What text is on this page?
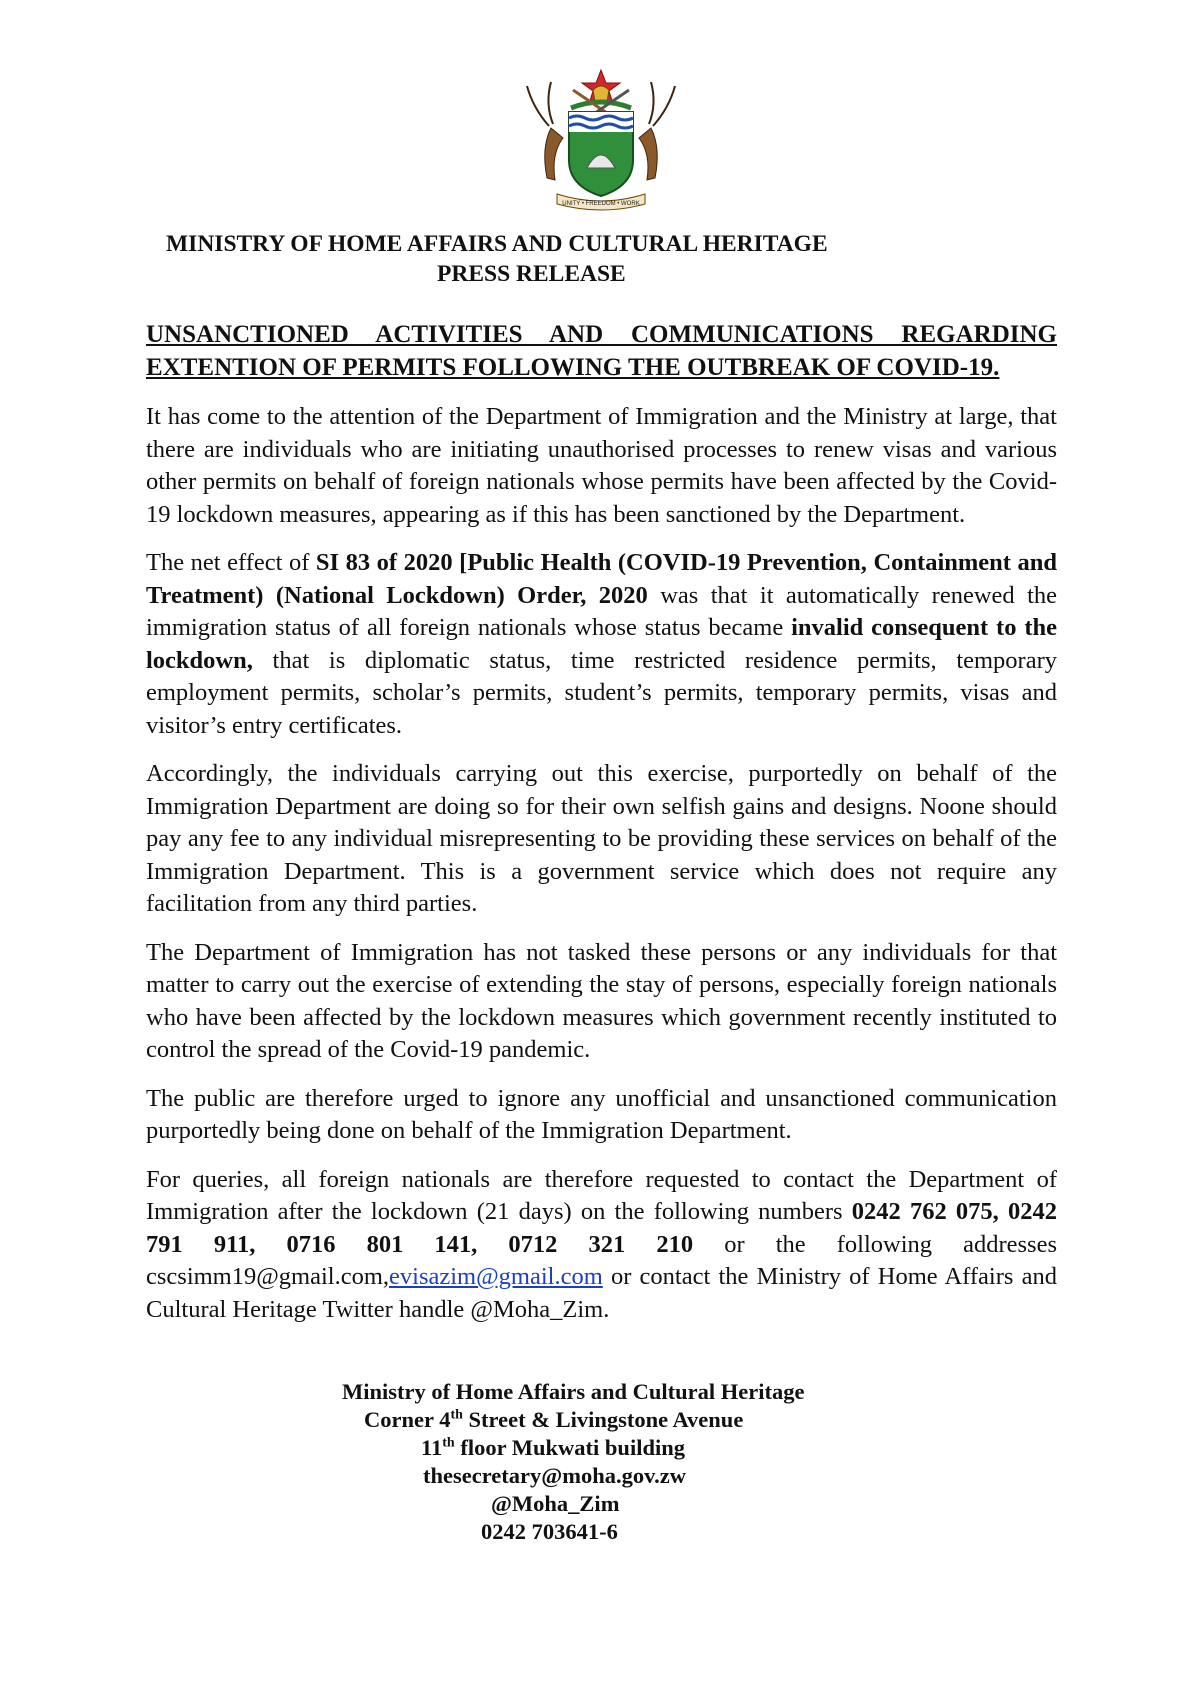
UNITY • FREEDOM • WORK
MINISTRY OF HOME AFFAIRS AND CULTURAL HERITAGE
PRESS RELEASE
UNSANCTIONED ACTIVITIES AND COMMUNICATIONS REGARDING EXTENTION OF PERMITS FOLLOWING THE OUTBREAK OF COVID-19.

It has come to the attention of the Department of Immigration and the Ministry at large, that there are individuals who are initiating unauthorised processes to renew visas and various other permits on behalf of foreign nationals whose permits have been affected by the Covid-19 lockdown measures, appearing as if this has been sanctioned by the Department.

The net effect of SI 83 of 2020 [Public Health (COVID-19 Prevention, Containment and Treatment) (National Lockdown) Order, 2020 was that it automatically renewed the immigration status of all foreign nationals whose status became invalid consequent to the lockdown, that is diplomatic status, time restricted residence permits, temporary employment permits, scholar’s permits, student’s permits, temporary permits, visas and visitor’s entry certificates.

Accordingly, the individuals carrying out this exercise, purportedly on behalf of the Immigration Department are doing so for their own selfish gains and designs. Noone should pay any fee to any individual misrepresenting to be providing these services on behalf of the Immigration Department. This is a government service which does not require any facilitation from any third parties.

The Department of Immigration has not tasked these persons or any individuals for that matter to carry out the exercise of extending the stay of persons, especially foreign nationals who have been affected by the lockdown measures which government recently instituted to control the spread of the Covid-19 pandemic.

The public are therefore urged to ignore any unofficial and unsanctioned communication purportedly being done on behalf of the Immigration Department.

For queries, all foreign nationals are therefore requested to contact the Department of Immigration after the lockdown (21 days) on the following numbers 0242 762 075, 0242 791 911, 0716 801 141, 0712 321 210 or the following addresses cscsimm19@gmail.com,evisazim@gmail.com or contact the Ministry of Home Affairs and Cultural Heritage Twitter handle @Moha_Zim.

Ministry of Home Affairs and Cultural Heritage
Corner 4th Street & Livingstone Avenue
11th floor Mukwati building
thesecretary@moha.gov.zw
@Moha_Zim
0242 703641-6
